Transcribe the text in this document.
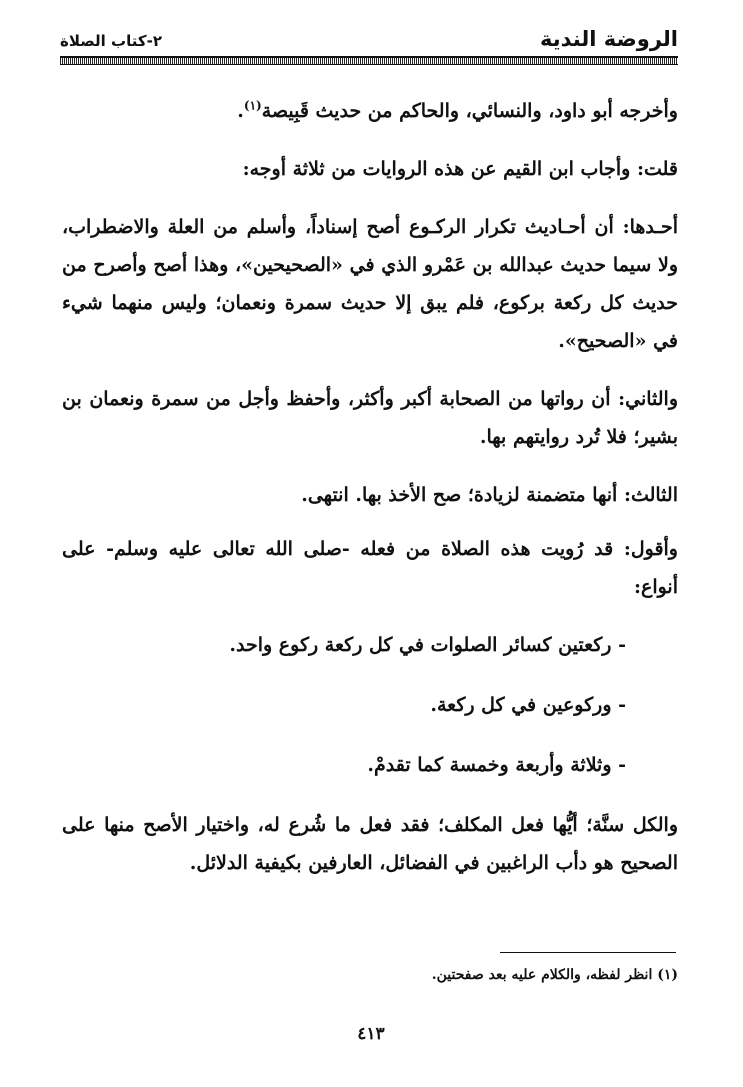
الروضة الندية
٢-كتاب الصلاة

وأخرجه أبو داود، والنسائي، والحاكم من حديث قَبِيصة$^{(١)}$.

قلت: وأجاب ابن القيم عن هذه الروايات من ثلاثة أوجه:

أحـدها: أن أحـاديث تكرار الركـوع أصح إسناداً، وأسلم من العلة والاضطراب، ولا سيما حديث عبدالله بن عَمْرو الذي في «الصحيحين»، وهذا أصح وأصرح من حديث كل ركعة بركوع، فلم يبق إلا حديث سمرة ونعمان؛ وليس منهما شيء في «الصحيح».

والثاني: أن رواتها من الصحابة أكبر وأكثر، وأحفظ وأجل من سمرة ونعمان بن بشير؛ فلا تُرد روايتهم بها.

الثالث: أنها متضمنة لزيادة؛ صح الأخذ بها. انتهى.

وأقول: قد رُويت هذه الصلاة من فعله -صلى الله تعالى عليه وسلم- على أنواع:

- ركعتين كسائر الصلوات في كل ركعة ركوع واحد.

- وركوعين في كل ركعة.

- وثلاثة وأربعة وخمسة كما تقدمْ.

والكل سنَّة؛ أيُّها فعل المكلف؛ فقد فعل ما شُرع له، واختيار الأصح منها على الصحيح هو دأب الراغبين في الفضائل، العارفين بكيفية الدلائل.

(١) انظر لفظه، والكلام عليه بعد صفحتين.
٤١٣
